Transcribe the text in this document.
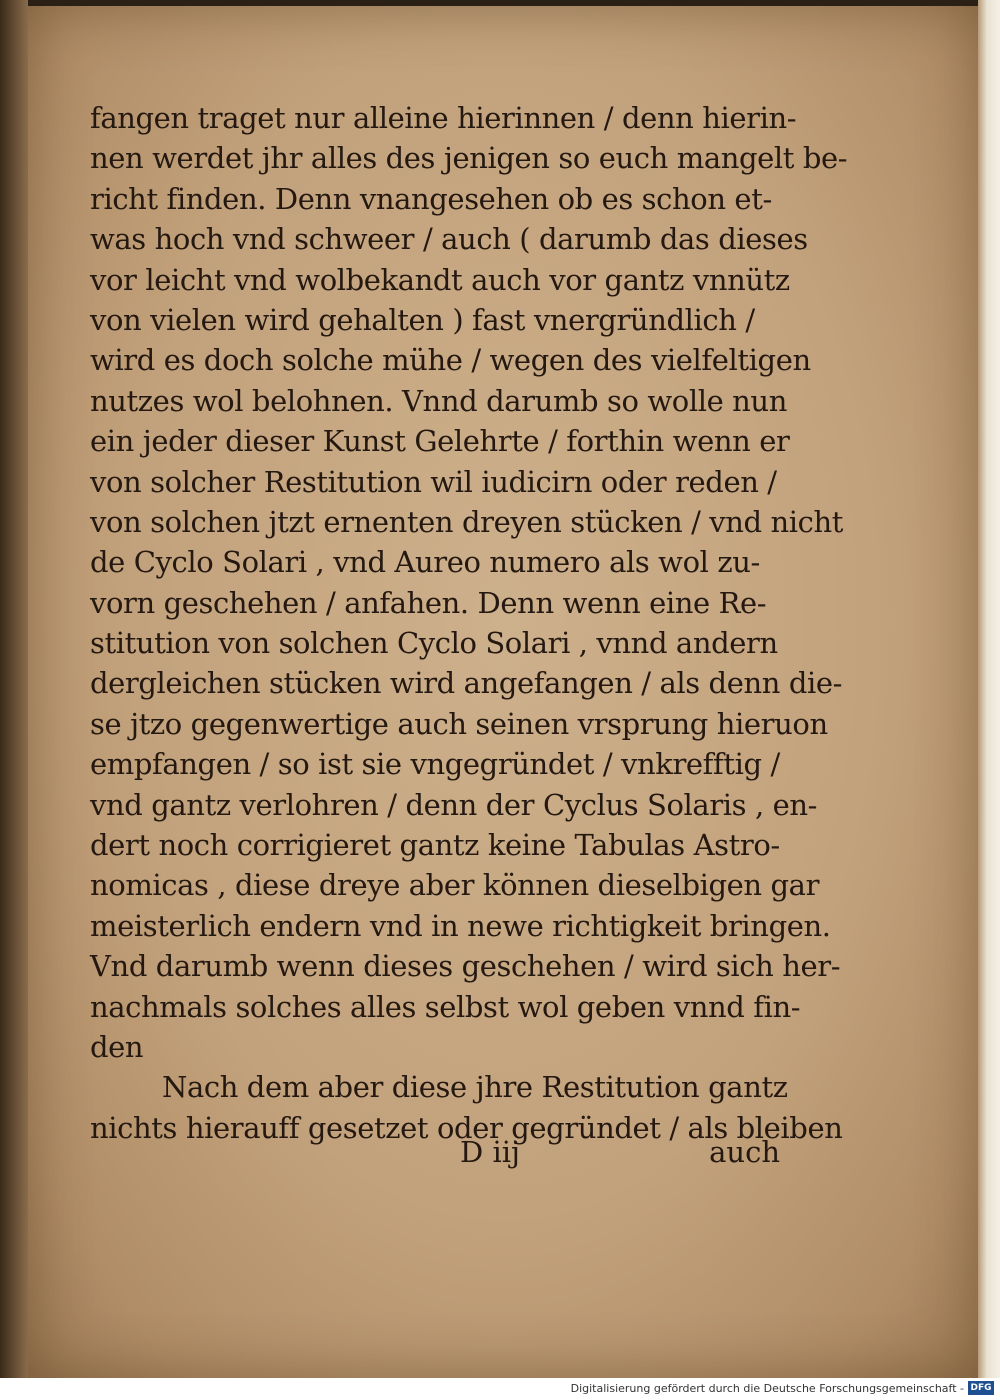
fangen traget nur alleine hierinnen / denn hierin-
nen werdet jhr alles des jenigen so euch mangelt be-
richt finden. Denn vnangesehen ob es schon et-
was hoch vnd schweer / auch ( darumb das dieses
vor leicht vnd wolbekandt auch vor gantz vnnütz
von vielen wird gehalten ) fast vnergründlich /
wird es doch solche mühe / wegen des vielfeltigen
nutzes wol belohnen. Vnnd darumb so wolle nun
ein jeder dieser Kunst Gelehrte / forthin wenn er
von solcher Restitution wil iudicirn oder reden /
von solchen jtzt ernenten dreyen stücken / vnd nicht
de Cyclo Solari , vnd Aureo numero als wol zu-
vorn geschehen / anfahen. Denn wenn eine Re-
stitution von solchen Cyclo Solari , vnnd andern
dergleichen stücken wird angefangen / als denn die-
se jtzo gegenwertige auch seinen vrsprung hieruon
empfangen / so ist sie vngegründet / vnkrefftig /
vnd gantz verlohren / denn der Cyclus Solaris , en-
dert noch corrigieret gantz keine Tabulas Astro-
nomicas , diese dreye aber können dieselbigen gar
meisterlich endern vnd in newe richtigkeit bringen.
Vnd darumb wenn dieses geschehen / wird sich her-
nachmals solches alles selbst wol geben vnnd fin-
den
Nach dem aber diese jhre Restitution gantz
nichts hierauff gesetzet oder gegründet / als bleiben
D iij	auch
Digitalisierung gefördert durch die Deutsche Forschungsgemeinschaft - DFG
